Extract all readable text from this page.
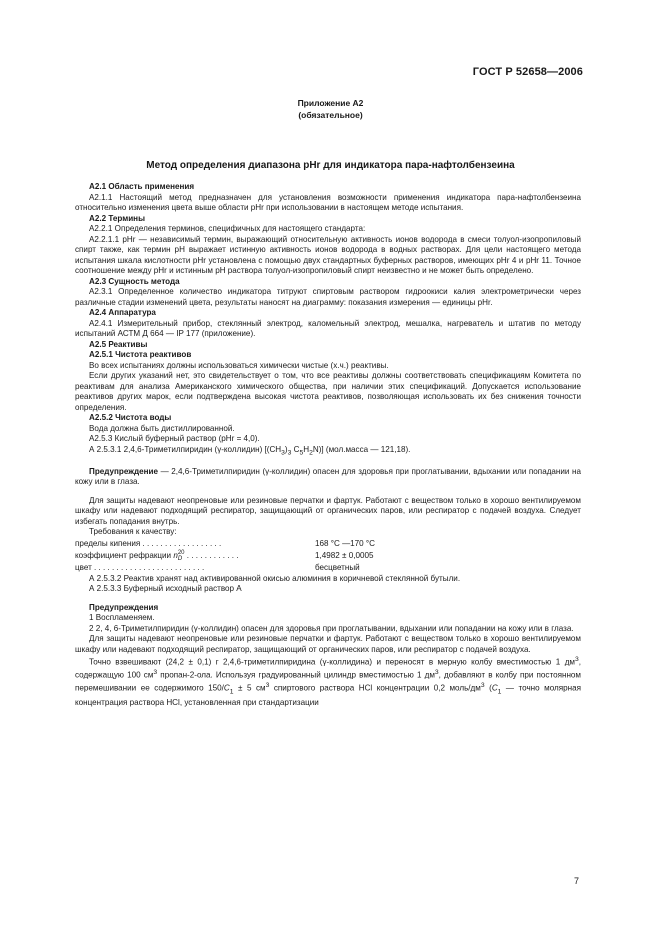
ГОСТ Р 52658—2006
Приложение А2
(обязательное)
Метод определения диапазона pHr для индикатора пара-нафтолбензеина

А2.1 Область применения

А2.1.1 Настоящий метод предназначен для установления возможности применения индикатора пара-нафтолбензеина относительно изменения цвета выше области pHr при использовании в настоящем методе испытания.

А2.2 Термины

А2.2.1 Определения терминов, специфичных для настоящего стандарта:

А2.2.1.1 pHr — независимый термин, выражающий относительную активность ионов водорода в смеси толуол-изопропиловый спирт также, как термин pH выражает истинную активность ионов водорода в водных растворах. Для цели настоящего метода испытания шкала кислотности pHr установлена с помощью двух стандартных буферных растворов, имеющих pHr 4 и pHr 11. Точное соотношение между pHr и истинным pH раствора толуол-изопропиловый спирт неизвестно и не может быть определено.

А2.3 Сущность метода

А2.3.1 Определенное количество индикатора титруют спиртовым раствором гидроокиси калия электрометрически через различные стадии изменений цвета, результаты наносят на диаграмму: показания измерения — единицы pHr.

А2.4 Аппаратура

А2.4.1 Измерительный прибор, стеклянный электрод, каломельный электрод, мешалка, нагреватель и штатив по методу испытаний АСТМ Д 664 — IP 177 (приложение).

А2.5 Реактивы

А2.5.1 Чистота реактивов

Во всех испытаниях должны использоваться химически чистые (х.ч.) реактивы.

Если других указаний нет, это свидетельствует о том, что все реактивы должны соответствовать спецификациям Комитета по реактивам для анализа Американского химического общества, при наличии этих спецификаций. Допускается использование реактивов других марок, если подтверждена высокая чистота реактивов, позволяющая использовать их без снижения точности определения.

А2.5.2 Чистота воды

Вода должна быть дистиллированной.

А2.5.3 Кислый буферный раствор (pHr = 4,0).

А 2.5.3.1 2,4,6-Триметилпиридин (γ-коллидин) [$(CH_3)_3$ $C_5H_2N$)] (мол.масса — 121,18).

Предупреждение — 2,4,6-Триметилпиридин (γ-коллидин) опасен для здоровья при проглатывании, вдыхании или попадании на кожу или в глаза.

Для защиты надевают неопреновые или резиновые перчатки и фартук. Работают с веществом только в хорошо вентилируемом шкафу или надевают подходящий респиратор, защищающий от органических паров, или респиратор с подачей воздуха. Следует избегать попадания внутрь.

Требования к качеству:

пределы кипения . . . . . . . . . . . . . . . . . .	168 °С —170 °С
коэффициент рефракции n 20
D . . . . . . . . . . . .	1,4982 ± 0,0005
цвет . . . . . . . . . . . . . . . . . . . . . . . . .	бесцветный

А 2.5.3.2 Реактив хранят над активированной окисью алюминия в коричневой стеклянной бутыли.

А 2.5.3.3 Буферный исходный раствор А

Предупреждения

1 Воспламеняем.

2 2, 4, 6-Триметилпиридин (γ-коллидин) опасен для здоровья при проглатывании, вдыхании или попадании на кожу или в глаза.

Для защиты надевают неопреновые или резиновые перчатки и фартук. Работают с веществом только в хорошо вентилируемом шкафу или надевают подходящий респиратор, защищающий от органических паров, или респиратор с подачей воздуха.

Точно взвешивают (24,2 ± 0,1) г 2,4,6-триметилпиридина (γ-коллидина) и переносят в мерную колбу вместимостью 1 $дм^3$, содержащую 100 $см^3$ пропан-2-ола. Используя градуированный цилиндр вместимостью 1 $дм^3$, добавляют в колбу при постоянном перемешивании ее содержимого $150/C_1 \pm 5$ $см^3$ спиртового раствора HCl концентрации 0,2 моль/$дм^3$ ($C_1$ — точно молярная концентрация раствора HCl, установленная при стандартизации

7
